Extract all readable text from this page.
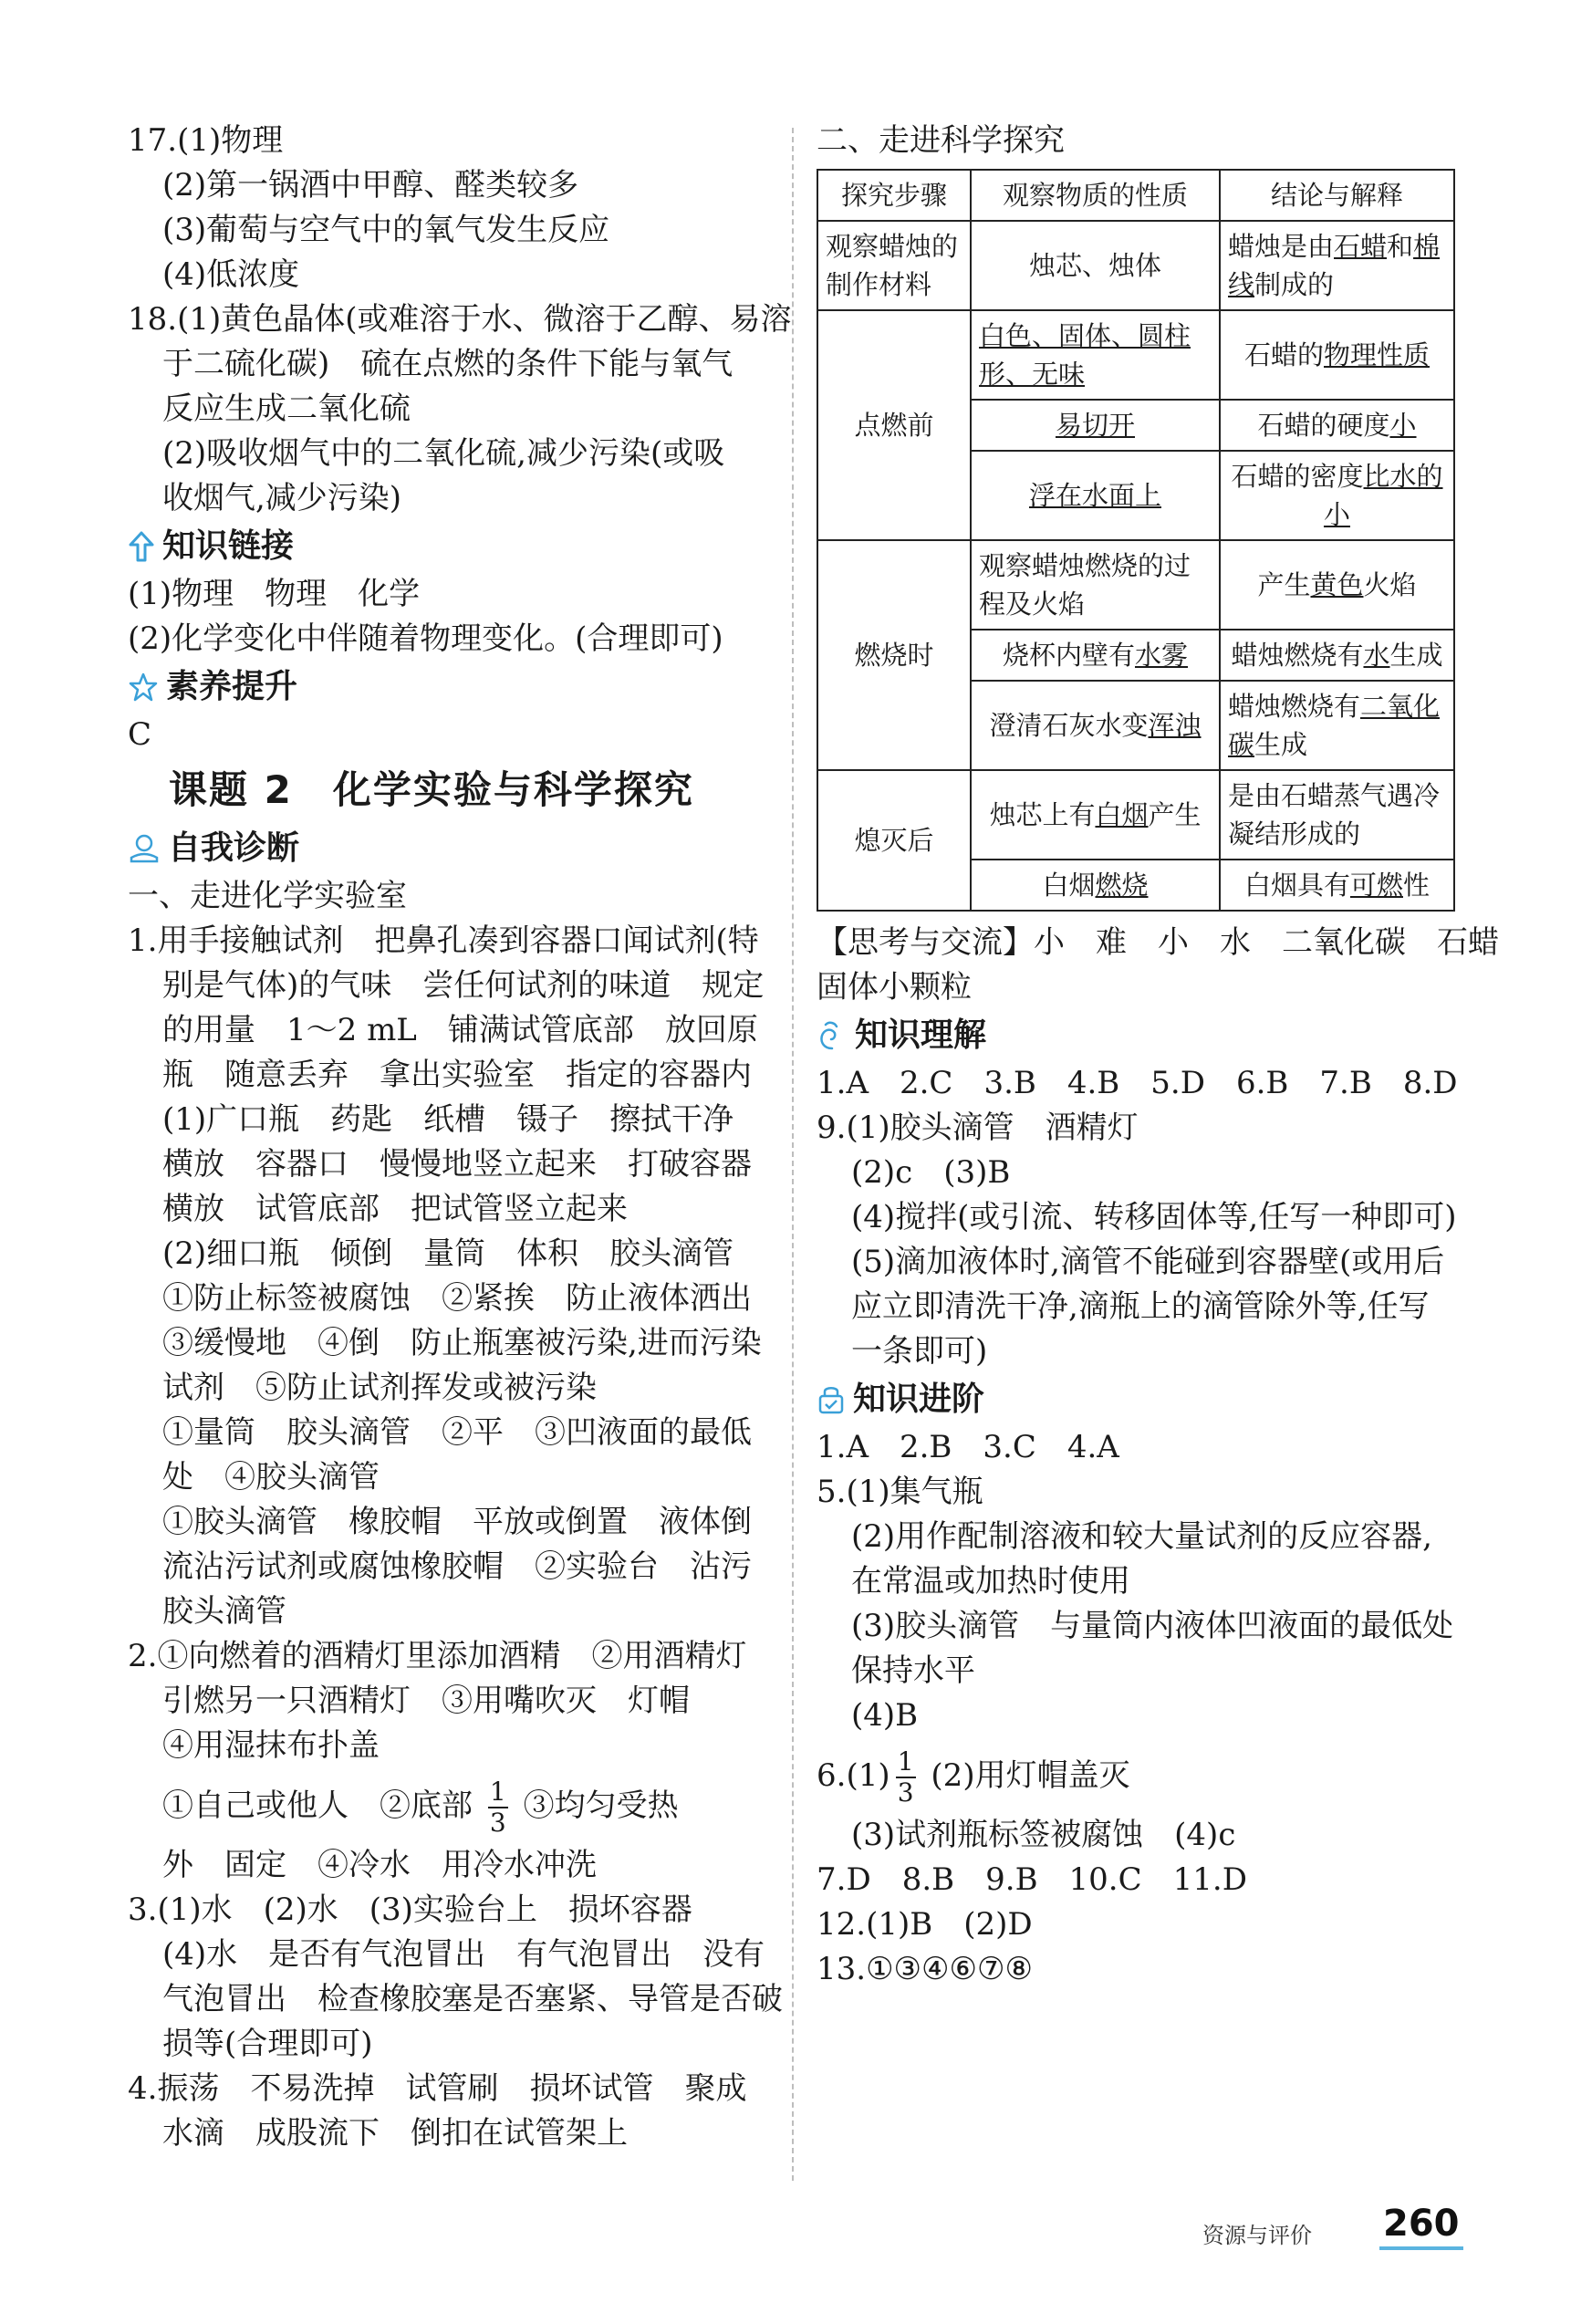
17.(1)物理

(2)第一锅酒中甲醇、醛类较多

(3)葡萄与空气中的氧气发生反应

(4)低浓度

18.(1)黄色晶体(或难溶于水、微溶于乙醇、易溶

于二硫化碳)　硫在点燃的条件下能与氧气

反应生成二氧化硫

(2)吸收烟气中的二氧化硫,减少污染(或吸

收烟气,减少污染)

知识链接

(1)物理　物理　化学

(2)化学变化中伴随着物理变化。(合理即可)

素养提升

C

课题 2　化学实验与科学探究
自我诊断

一、走进化学实验室

1.用手接触试剂　把鼻孔凑到容器口闻试剂(特

别是气体)的气味　尝任何试剂的味道　规定

的用量　1～2 mL　铺满试管底部　放回原

瓶　随意丢弃　拿出实验室　指定的容器内

(1)广口瓶　药匙　纸槽　镊子　擦拭干净

横放　容器口　慢慢地竖立起来　打破容器

横放　试管底部　把试管竖立起来

(2)细口瓶　倾倒　量筒　体积　胶头滴管

①防止标签被腐蚀　②紧挨　防止液体洒出

③缓慢地　④倒　防止瓶塞被污染,进而污染

试剂　⑤防止试剂挥发或被污染

①量筒　胶头滴管　②平　③凹液面的最低

处　④胶头滴管

①胶头滴管　橡胶帽　平放或倒置　液体倒

流沾污试剂或腐蚀橡胶帽　②实验台　沾污

胶头滴管

2.①向燃着的酒精灯里添加酒精　②用酒精灯

引燃另一只酒精灯　③用嘴吹灭　灯帽

④用湿抹布扑盖

①自己或他人　②底部 $\frac{1}{3}$ ③均匀受热

外　固定　④冷水　用冷水冲洗

3.(1)水　(2)水　(3)实验台上　损坏容器

(4)水　是否有气泡冒出　有气泡冒出　没有

气泡冒出　检查橡胶塞是否塞紧、导管是否破

损等(合理即可)

4.振荡　不易洗掉　试管刷　损坏试管　聚成

水滴　成股流下　倒扣在试管架上

二、走进科学探究

探究步骤	观察物质的性质	结论与解释
观察蜡烛的制作材料	烛芯、烛体	蜡烛是由石蜡和棉线制成的
点燃前	白色、固体、圆柱形、无味	石蜡的物理性质
	易切开	石蜡的硬度小
	浮在水面上	石蜡的密度比水的小
燃烧时	观察蜡烛燃烧的过程及火焰	产生黄色火焰
	烧杯内壁有水雾	蜡烛燃烧有水生成
	澄清石灰水变浑浊	蜡烛燃烧有二氧化碳生成
熄灭后	烛芯上有白烟产生	是由石蜡蒸气遇冷凝结形成的
	白烟燃烧	白烟具有可燃性

【思考与交流】小　难　小　水　二氧化碳　石蜡

固体小颗粒

知识理解

1.A　2.C　3.B　4.B　5.D　6.B　7.B　8.D

9.(1)胶头滴管　酒精灯

(2)c　(3)B

(4)搅拌(或引流、转移固体等,任写一种即可)

(5)滴加液体时,滴管不能碰到容器壁(或用后

应立即清洗干净,滴瓶上的滴管除外等,任写

一条即可)

知识进阶

1.A　2.B　3.C　4.A

5.(1)集气瓶

(2)用作配制溶液和较大量试剂的反应容器,

在常温或加热时使用

(3)胶头滴管　与量筒内液体凹液面的最低处

保持水平

(4)B

$6.(1) \frac{1}{3} (2)$用灯帽盖灭

(3)试剂瓶标签被腐蚀　(4)c

7.D　8.B　9.B　10.C　11.D

12.(1)B　(2)D

13.①③④⑥⑦⑧

资源与评价 260
